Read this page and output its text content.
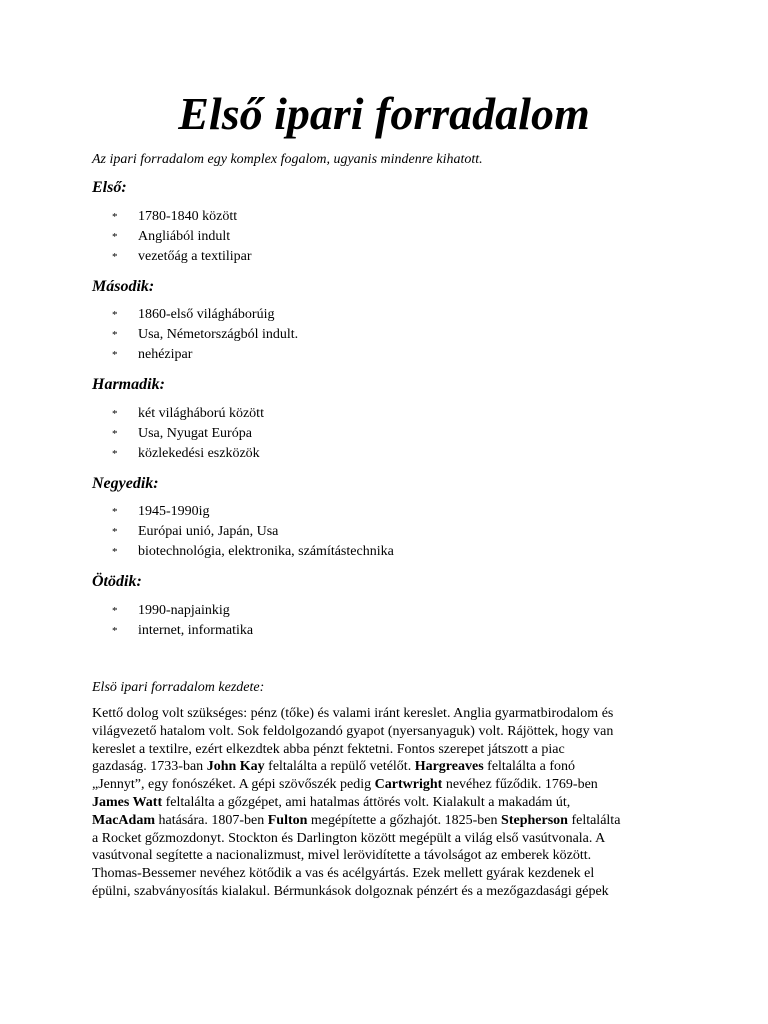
Első ipari forradalom
Az ipari forradalom egy komplex fogalom, ugyanis mindenre kihatott.
Első:
* 1780-1840 között
* Angliából indult
* vezetőág a textilipar
Második:
* 1860-első világháborúig
* Usa, Németországból indult.
* nehézipar
Harmadik:
* két világháború között
* Usa, Nyugat Európa
* közlekedési eszközök
Negyedik:
* 1945-1990ig
* Európai unió, Japán, Usa
* biotechnológia, elektronika, számítástechnika
Ötödik:
* 1990-napjainkig
* internet, informatika
Elsö ipari forradalom kezdete:
Kettő dolog volt szükséges: pénz (tőke) és valami iránt kereslet. Anglia gyarmatbirodalom és
világvezető hatalom volt. Sok feldolgozandó gyapot (nyersanyaguk) volt. Rájöttek, hogy van
kereslet a textilre, ezért elkezdtek abba pénzt fektetni. Fontos szerepet játszott a piac
gazdaság. 1733-ban John Kay feltalálta a repülő vetélőt. Hargreaves feltalálta a fonó
„Jennyt”, egy fonószéket. A gépi szövőszék pedig Cartwright nevéhez fűződik. 1769-ben
James Watt feltalálta a gőzgépet, ami hatalmas áttörés volt. Kialakult a makadám út,
MacAdam hatására. 1807-ben Fulton megépítette a gőzhajót. 1825-ben Stepherson feltalálta
a Rocket gőzmozdonyt. Stockton és Darlington között megépült a világ első vasútvonala. A
vasútvonal segítette a nacionalizmust, mivel lerövidítette a távolságot az emberek között.
Thomas-Bessemer nevéhez kötődik a vas és acélgyártás. Ezek mellett gyárak kezdenek el
épülni, szabványosítás kialakul. Bérmunkások dolgoznak pénzért és a mezőgazdasági gépek
